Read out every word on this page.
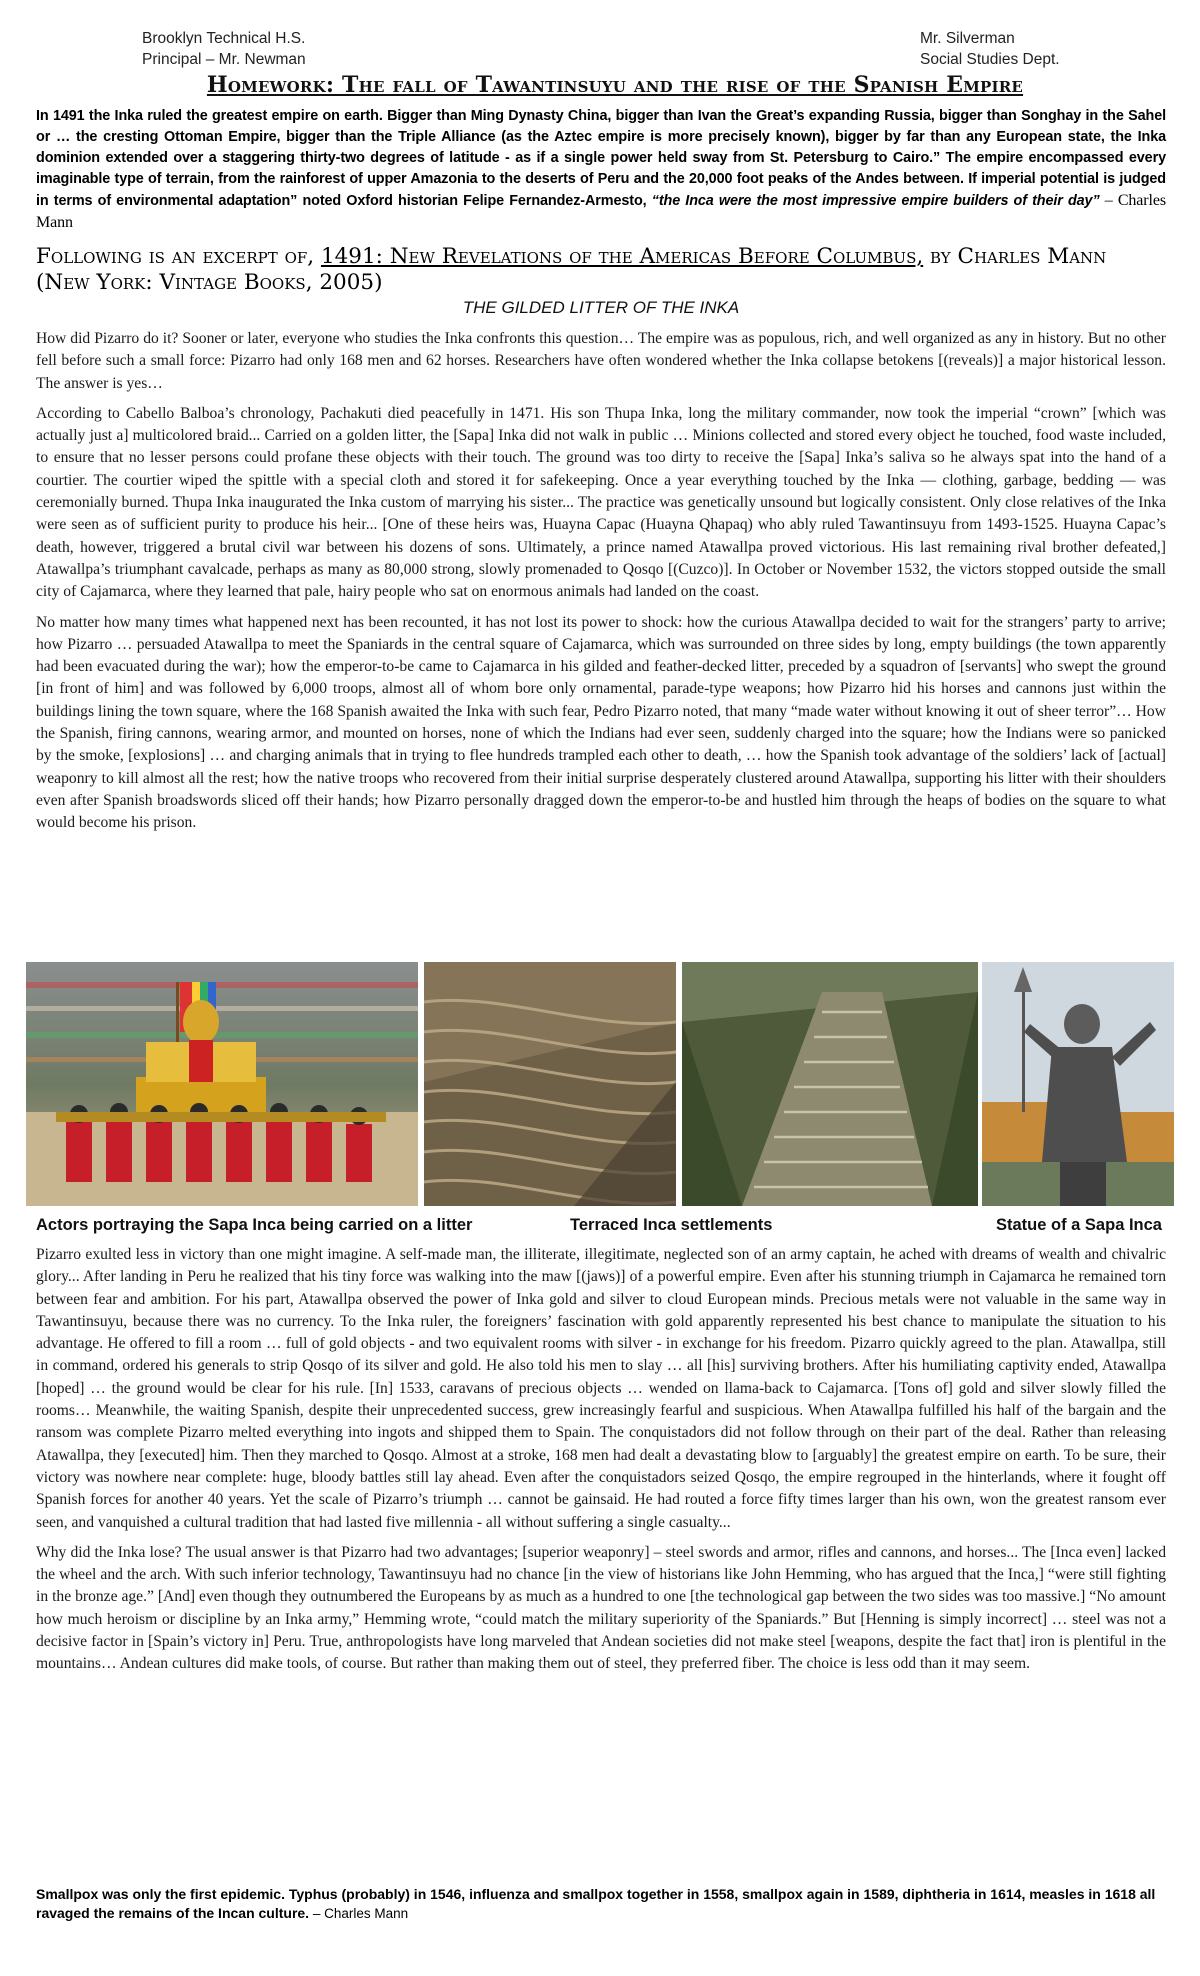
Brooklyn Technical H.S.
Principal – Mr. Newman
Mr. Silverman
Social Studies Dept.
Homework: The fall of Tawantinsuyu and the rise of the Spanish Empire
In 1491 the Inka ruled the greatest empire on earth. Bigger than Ming Dynasty China, bigger than Ivan the Great’s expanding Russia, bigger than Songhay in the Sahel or … the cresting Ottoman Empire, bigger than the Triple Alliance (as the Aztec empire is more precisely known), bigger by far than any European state, the Inka dominion extended over a staggering thirty-two degrees of latitude - as if a single power held sway from St. Petersburg to Cairo.” The empire encompassed every imaginable type of terrain, from the rainforest of upper Amazonia to the deserts of Peru and the 20,000 foot peaks of the Andes between. If imperial potential is judged in terms of environmental adaptation” noted Oxford historian Felipe Fernandez-Armesto, “the Inca were the most impressive empire builders of their day” – Charles Mann
Following is an excerpt of, 1491: New Revelations of the Americas Before Columbus, by Charles Mann (New York: Vintage Books, 2005)
THE GILDED LITTER OF THE INKA

How did Pizarro do it? Sooner or later, everyone who studies the Inka confronts this question… The empire was as populous, rich, and well organized as any in history. But no other fell before such a small force: Pizarro had only 168 men and 62 horses. Researchers have often wondered whether the Inka collapse betokens [(reveals)] a major historical lesson. The answer is yes…

According to Cabello Balboa’s chronology, Pachakuti died peacefully in 1471. His son Thupa Inka, long the military commander, now took the imperial “crown” [which was actually just a] multicolored braid... Carried on a golden litter, the [Sapa] Inka did not walk in public … Minions collected and stored every object he touched, food waste included, to ensure that no lesser persons could profane these objects with their touch. The ground was too dirty to receive the [Sapa] Inka’s saliva so he always spat into the hand of a courtier. The courtier wiped the spittle with a special cloth and stored it for safekeeping. Once a year everything touched by the Inka — clothing, garbage, bedding — was ceremonially burned. Thupa Inka inaugurated the Inka custom of marrying his sister... The practice was genetically unsound but logically consistent. Only close relatives of the Inka were seen as of sufficient purity to produce his heir... [One of these heirs was, Huayna Capac (Huayna Qhapaq) who ably ruled Tawantinsuyu from 1493-1525. Huayna Capac’s death, however, triggered a brutal civil war between his dozens of sons. Ultimately, a prince named Atawallpa proved victorious. His last remaining rival brother defeated,] Atawallpa’s triumphant cavalcade, perhaps as many as 80,000 strong, slowly promenaded to Qosqo [(Cuzco)]. In October or November 1532, the victors stopped outside the small city of Cajamarca, where they learned that pale, hairy people who sat on enormous animals had landed on the coast.

No matter how many times what happened next has been recounted, it has not lost its power to shock: how the curious Atawallpa decided to wait for the strangers’ party to arrive; how Pizarro … persuaded Atawallpa to meet the Spaniards in the central square of Cajamarca, which was surrounded on three sides by long, empty buildings (the town apparently had been evacuated during the war); how the emperor-to-be came to Cajamarca in his gilded and feather-decked litter, preceded by a squadron of [servants] who swept the ground [in front of him] and was followed by 6,000 troops, almost all of whom bore only ornamental, parade-type weapons; how Pizarro hid his horses and cannons just within the buildings lining the town square, where the 168 Spanish awaited the Inka with such fear, Pedro Pizarro noted, that many “made water without knowing it out of sheer terror”… How the Spanish, firing cannons, wearing armor, and mounted on horses, none of which the Indians had ever seen, suddenly charged into the square; how the Indians were so panicked by the smoke, [explosions] … and charging animals that in trying to flee hundreds trampled each other to death, … how the Spanish took advantage of the soldiers’ lack of [actual] weaponry to kill almost all the rest; how the native troops who recovered from their initial surprise desperately clustered around Atawallpa, supporting his litter with their shoulders even after Spanish broadswords sliced off their hands; how Pizarro personally dragged down the emperor-to-be and hustled him through the heaps of bodies on the square to what would become his prison.

Actors portraying the Sapa Inca being carried on a litter	Terraced Inca settlements	Statue of a Sapa Inca

Pizarro exulted less in victory than one might imagine. A self-made man, the illiterate, illegitimate, neglected son of an army captain, he ached with dreams of wealth and chivalric glory... After landing in Peru he realized that his tiny force was walking into the maw [(jaws)] of a powerful empire. Even after his stunning triumph in Cajamarca he remained torn between fear and ambition. For his part, Atawallpa observed the power of Inka gold and silver to cloud European minds. Precious metals were not valuable in the same way in Tawantinsuyu, because there was no currency. To the Inka ruler, the foreigners’ fascination with gold apparently represented his best chance to manipulate the situation to his advantage. He offered to fill a room … full of gold objects - and two equivalent rooms with silver - in exchange for his freedom. Pizarro quickly agreed to the plan. Atawallpa, still in command, ordered his generals to strip Qosqo of its silver and gold. He also told his men to slay … all [his] surviving brothers. After his humiliating captivity ended, Atawallpa [hoped] … the ground would be clear for his rule. [In] 1533, caravans of precious objects … wended on llama-back to Cajamarca. [Tons of] gold and silver slowly filled the rooms… Meanwhile, the waiting Spanish, despite their unprecedented success, grew increasingly fearful and suspicious. When Atawallpa fulfilled his half of the bargain and the ransom was complete Pizarro melted everything into ingots and shipped them to Spain. The conquistadors did not follow through on their part of the deal. Rather than releasing Atawallpa, they [executed] him. Then they marched to Qosqo. Almost at a stroke, 168 men had dealt a devastating blow to [arguably] the greatest empire on earth. To be sure, their victory was nowhere near complete: huge, bloody battles still lay ahead. Even after the conquistadors seized Qosqo, the empire regrouped in the hinterlands, where it fought off Spanish forces for another 40 years. Yet the scale of Pizarro’s triumph … cannot be gainsaid. He had routed a force fifty times larger than his own, won the greatest ransom ever seen, and vanquished a cultural tradition that had lasted five millennia - all without suffering a single casualty...

Why did the Inka lose? The usual answer is that Pizarro had two advantages; [superior weaponry] – steel swords and armor, rifles and cannons, and horses... The [Inca even] lacked the wheel and the arch. With such inferior technology, Tawantinsuyu had no chance [in the view of historians like John Hemming, who has argued that the Inca,] “were still fighting in the bronze age.” [And] even though they outnumbered the Europeans by as much as a hundred to one [the technological gap between the two sides was too massive.] “No amount how much heroism or discipline by an Inka army,” Hemming wrote, “could match the military superiority of the Spaniards.” But [Henning is simply incorrect] … steel was not a decisive factor in [Spain’s victory in] Peru. True, anthropologists have long marveled that Andean societies did not make steel [weapons, despite the fact that] iron is plentiful in the mountains… Andean cultures did make tools, of course. But rather than making them out of steel, they preferred fiber. The choice is less odd than it may seem.

Smallpox was only the first epidemic. Typhus (probably) in 1546, influenza and smallpox together in 1558, smallpox again in 1589, diphtheria in 1614, measles in 1618 all ravaged the remains of the Incan culture. – Charles Mann
